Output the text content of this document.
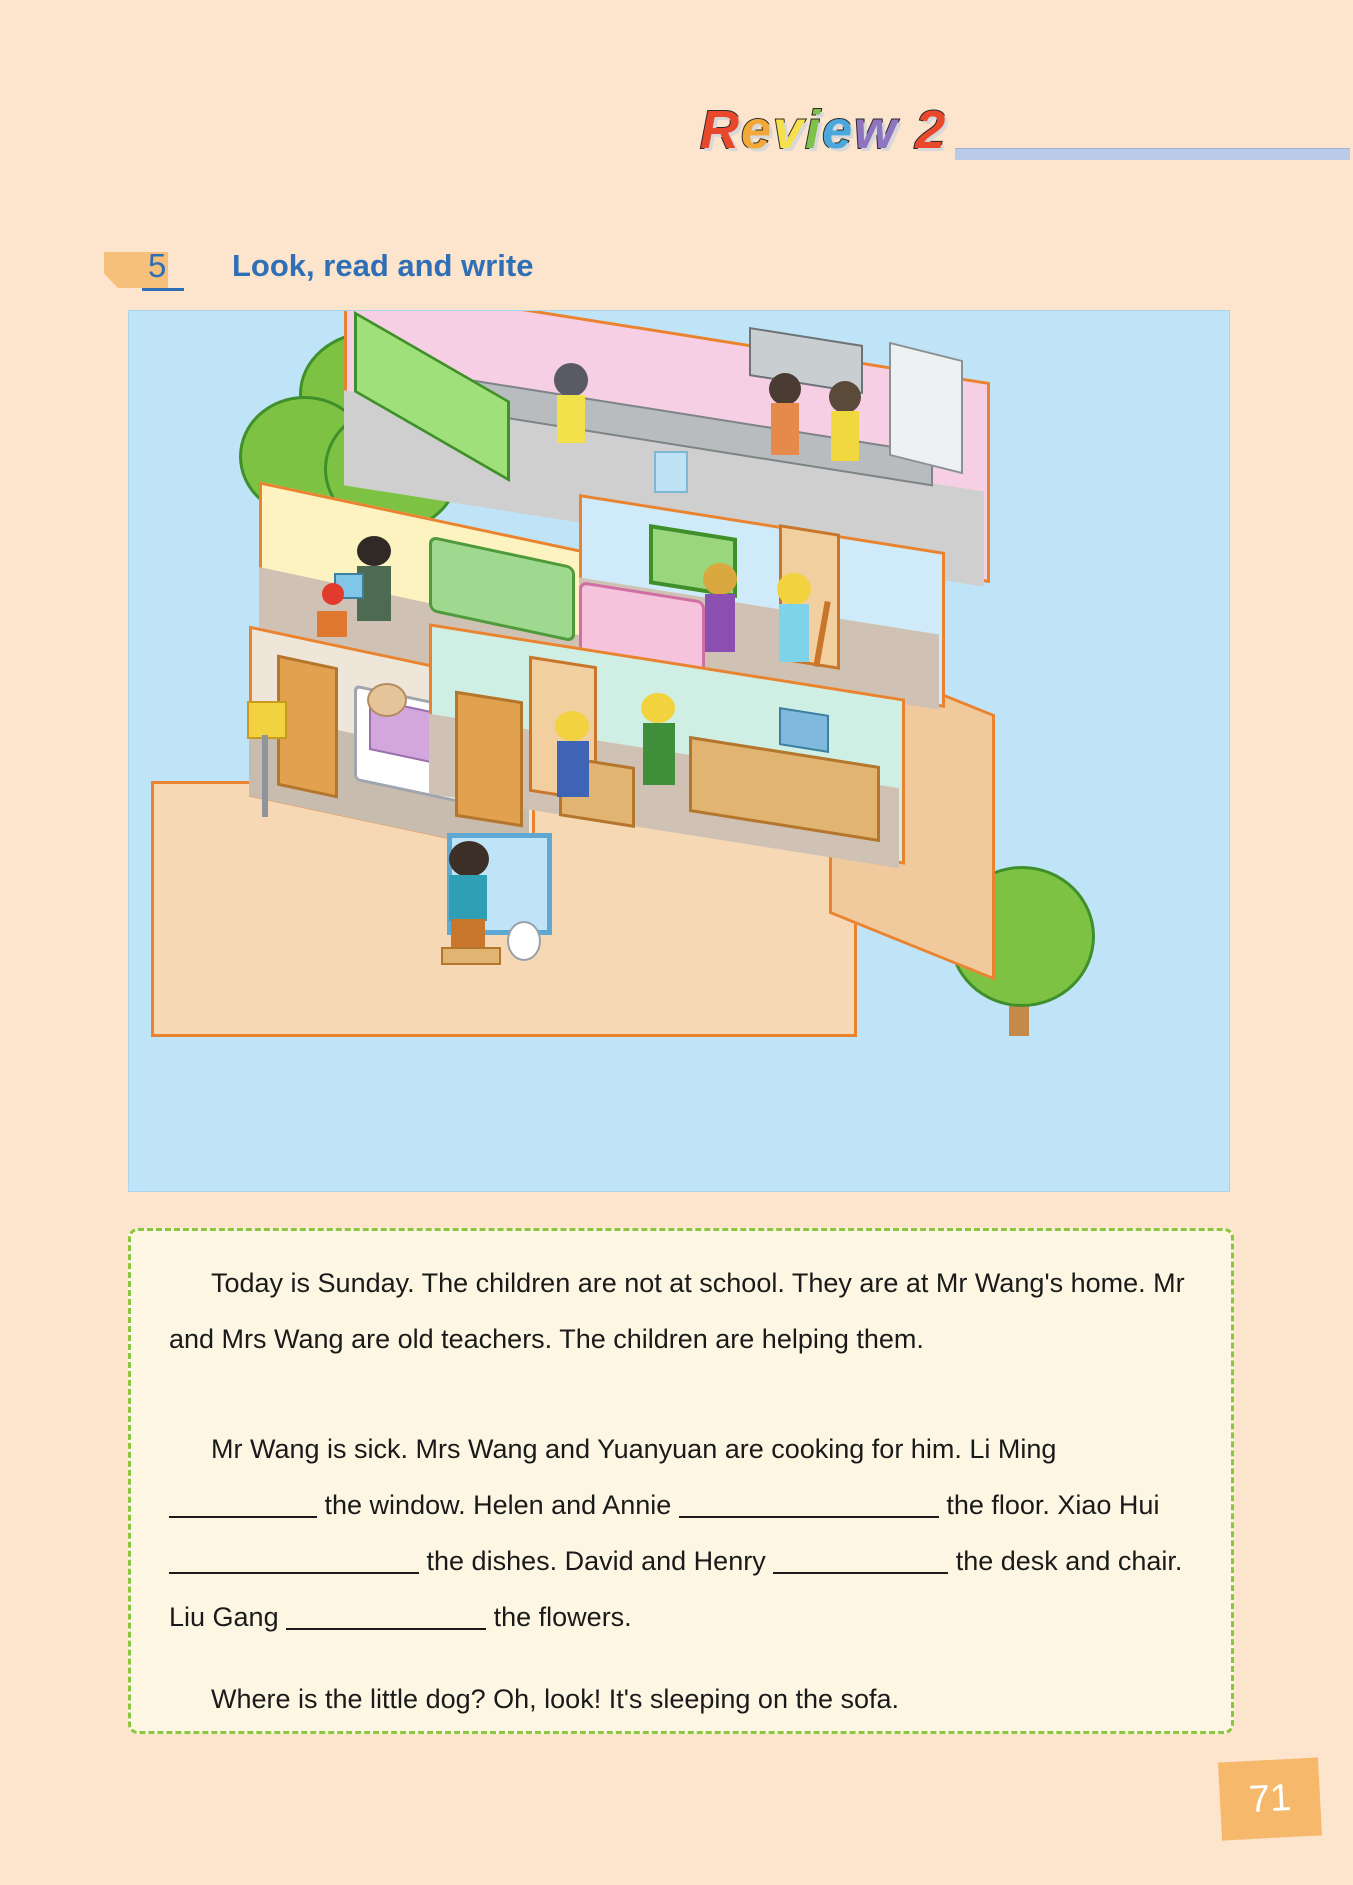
Review 2
5 Look, read and write
Today is Sunday. The children are not at school. They are at Mr Wang's home. Mr and Mrs Wang are old teachers. The children are helping them.
Mr Wang is sick. Mrs Wang and Yuanyuan are cooking for him. Li Ming  the window. Helen and Annie	the floor. Xiao Hui  the dishes. David and Henry	the desk and chair. Liu Gang	the flowers.
Where is the little dog? Oh, look! It's sleeping on the sofa.
71
